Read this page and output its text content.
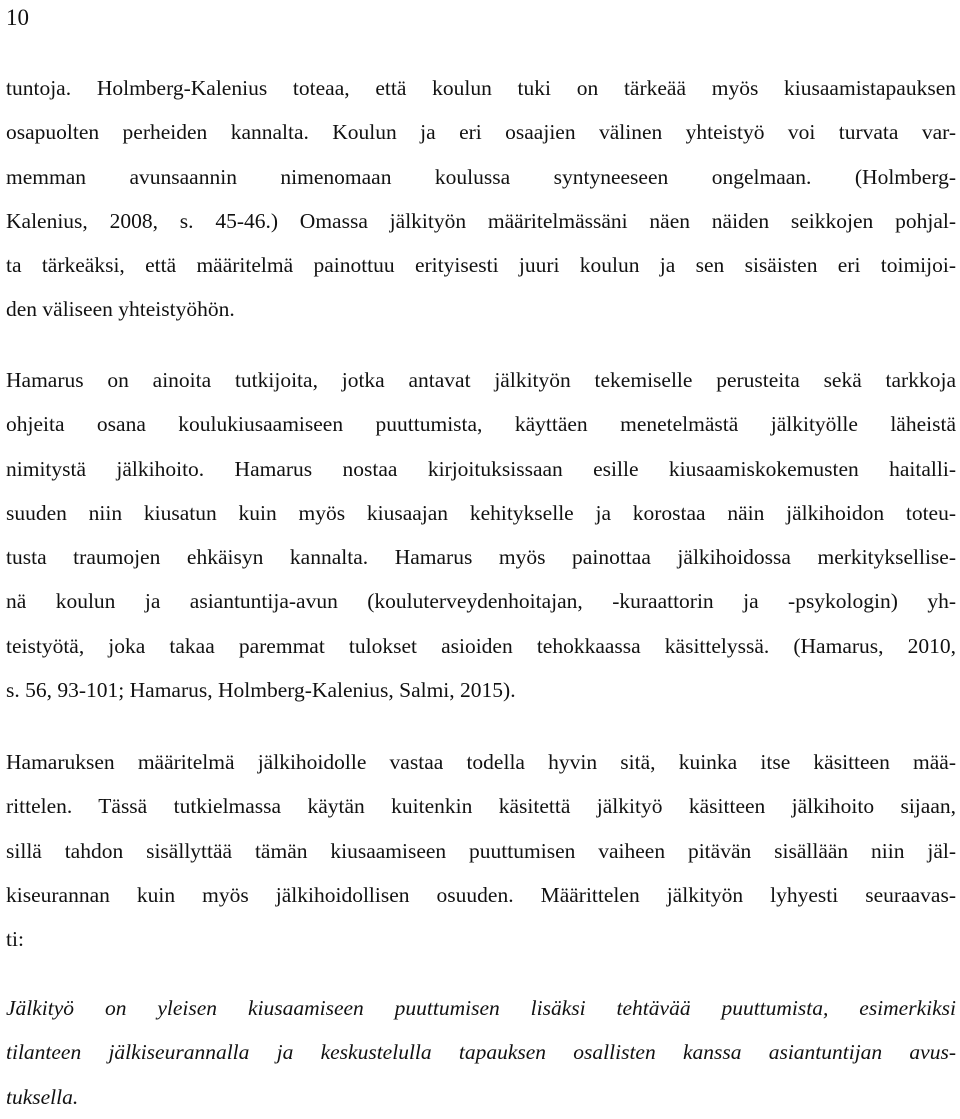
10

tuntoja. Holmberg-Kalenius toteaa, että koulun tuki on tärkeää myös kiusaamistapauksen
osapuolten perheiden kannalta. Koulun ja eri osaajien välinen yhteistyö voi turvata var-
memman avunsaannin nimenomaan koulussa syntyneeseen ongelmaan. (Holmberg-
Kalenius, 2008, s. 45-46.) Omassa jälkityön määritelmässäni näen näiden seikkojen pohjal-
ta tärkeäksi, että määritelmä painottuu erityisesti juuri koulun ja sen sisäisten eri toimijoi-
den väliseen yhteistyöhön.
Hamarus on ainoita tutkijoita, jotka antavat jälkityön tekemiselle perusteita sekä tarkkoja
ohjeita osana koulukiusaamiseen puuttumista, käyttäen menetelmästä jälkityölle läheistä
nimitystä jälkihoito. Hamarus nostaa kirjoituksissaan esille kiusaamiskokemusten haitalli-
suuden niin kiusatun kuin myös kiusaajan kehitykselle ja korostaa näin jälkihoidon toteu-
tusta traumojen ehkäisyn kannalta. Hamarus myös painottaa jälkihoidossa merkityksellise-
nä koulun ja asiantuntija-avun (kouluterveydenhoitajan, -kuraattorin ja -psykologin) yh-
teistyötä, joka takaa paremmat tulokset asioiden tehokkaassa käsittelyssä. (Hamarus, 2010,
s. 56, 93-101; Hamarus, Holmberg-Kalenius, Salmi, 2015).
Hamaruksen määritelmä jälkihoidolle vastaa todella hyvin sitä, kuinka itse käsitteen mää-
rittelen. Tässä tutkielmassa käytän kuitenkin käsitettä jälkityö käsitteen jälkihoito sijaan,
sillä tahdon sisällyttää tämän kiusaamiseen puuttumisen vaiheen pitävän sisällään niin jäl-
kiseurannan kuin myös jälkihoidollisen osuuden. Määrittelen jälkityön lyhyesti seuraavas-
ti:
Jälkityö on yleisen kiusaamiseen puuttumisen lisäksi tehtävää puuttumista, esimerkiksi
tilanteen jälkiseurannalla ja keskustelulla tapauksen osallisten kanssa asiantuntijan avus-
tuksella.
